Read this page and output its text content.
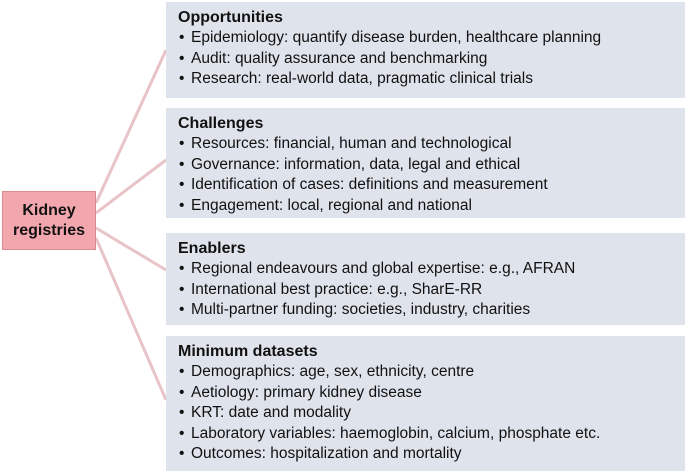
Kidney
registries
Opportunities
• Epidemiology: quantify disease burden, healthcare planning
• Audit: quality assurance and benchmarking
• Research: real-world data, pragmatic clinical trials
Challenges
• Resources: financial, human and technological
• Governance: information, data, legal and ethical
• Identification of cases: definitions and measurement
• Engagement: local, regional and national
Enablers
• Regional endeavours and global expertise: e.g., AFRAN
• International best practice: e.g., SharE-RR
• Multi-partner funding: societies, industry, charities
Minimum datasets
• Demographics: age, sex, ethnicity, centre
• Aetiology: primary kidney disease
• KRT: date and modality
• Laboratory variables: haemoglobin, calcium, phosphate etc.
• Outcomes: hospitalization and mortality
